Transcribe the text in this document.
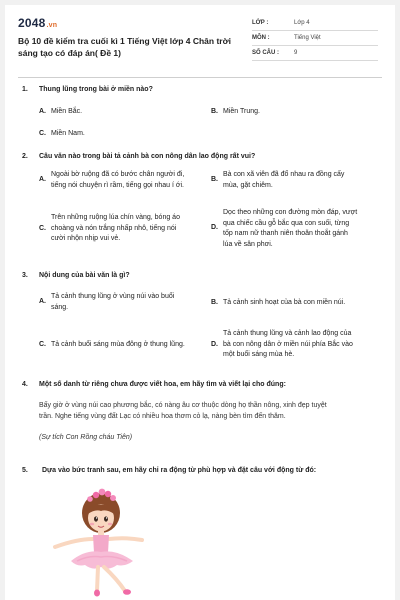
2048.vn
Bộ 10 đề kiểm tra cuối kì 1 Tiếng Việt lớp 4 Chân trời sáng tạo có đáp án( Đề 1)
LỚP :	Lớp 4
MÔN :	Tiếng Việt
SỐ CÂU :	9
1. Thung lũng trong bài ở miền nào?
A. Miền Bắc.	B. Miền Trung.
C. Miền Nam.
2. Câu văn nào trong bài tả cảnh bà con nông dân lao động rất vui?
A.
Ngoài bờ ruộng đã có bước chân người đi,
tiếng nói chuyện rì rầm, tiếng gọi nhau í ới.
B.
Bà con xã viên đã đổ nhau ra đồng cấy
mùa, gặt chiêm.
C.
Trên những ruộng lúa chín vàng, bóng áo
choàng và nón trắng nhấp nhô, tiếng nói
cười nhộn nhịp vui vẻ.
D.
Dọc theo những con đường mòn đáp, vượt
qua chiếc cầu gỗ bắc qua con suối, từng
tốp nam nữ thanh niên thoăn thoắt gánh
lúa về sân phơi.
3. Nội dung của bài văn là gì?
A.
Tả cảnh thung lũng ở vùng núi vào buổi
sáng.
B. Tả cảnh sinh hoạt của bà con miền núi.
C. Tả cảnh buổi sáng mùa đông ở thung lũng.	D.
Tả cảnh thung lũng và cảnh lao động của
bà con nông dân ở miền núi phía Bắc vào
một buổi sáng mùa hè.
4. Một số danh từ riêng chưa được viết hoa, em hãy tìm và viết lại cho đúng:
Bấy giờ ở vùng núi cao phương bắc, có nàng âu cơ thuộc dòng họ thần nông, xinh đẹp tuyệt
trần. Nghe tiếng vùng đất Lạc có nhiều hoa thơm cỏ lạ, nàng bèn tìm đến thăm.
(Sự tích Con Rồng cháu Tiên)
5. Dựa vào bức tranh sau, em hãy chỉ ra động từ phù hợp và đặt câu với động từ đó:
